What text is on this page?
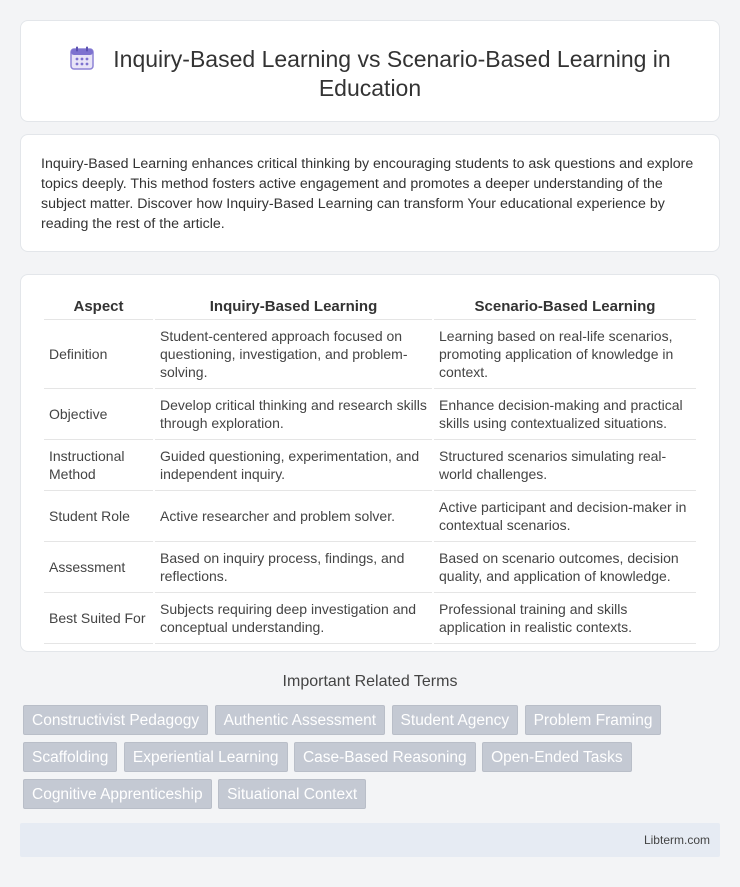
Inquiry-Based Learning vs Scenario-Based Learning in Education

Inquiry-Based Learning enhances critical thinking by encouraging students to ask questions and explore topics deeply. This method fosters active engagement and promotes a deeper understanding of the subject matter. Discover how Inquiry-Based Learning can transform Your educational experience by reading the rest of the article.

Aspect	Inquiry-Based Learning	Scenario-Based Learning
Definition	Student-centered approach focused on questioning, investigation, and problem-solving.	Learning based on real-life scenarios, promoting application of knowledge in context.
Objective	Develop critical thinking and research skills through exploration.	Enhance decision-making and practical skills using contextualized situations.
Instructional Method	Guided questioning, experimentation, and independent inquiry.	Structured scenarios simulating real-world challenges.
Student Role	Active researcher and problem solver.	Active participant and decision-maker in contextual scenarios.
Assessment	Based on inquiry process, findings, and reflections.	Based on scenario outcomes, decision quality, and application of knowledge.
Best Suited For	Subjects requiring deep investigation and conceptual understanding.	Professional training and skills application in realistic contexts.
Important Related Terms
Constructivist Pedagogy Authentic Assessment Student Agency Problem Framing Scaffolding Experiential Learning Case-Based Reasoning Open-Ended Tasks Cognitive Apprenticeship Situational Context
Libterm.com
